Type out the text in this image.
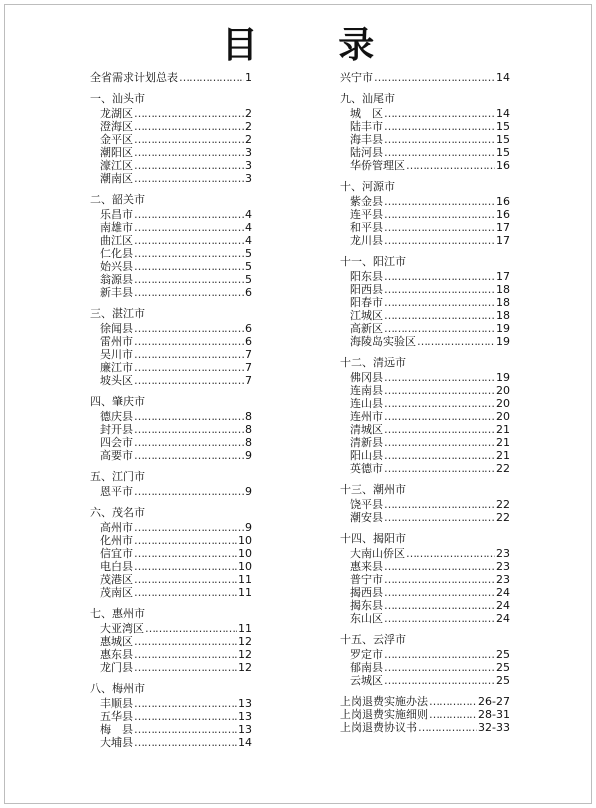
目 录
全省需求计划总表 …………………………………………………………………………………………………………	1
一、汕头市
龙湖区 …………………………………………………………………………………………………………	2
澄海区 …………………………………………………………………………………………………………	2
金平区 …………………………………………………………………………………………………………	2
潮阳区 …………………………………………………………………………………………………………	3
濠江区 …………………………………………………………………………………………………………	3
潮南区 …………………………………………………………………………………………………………	3
二、韶关市
乐昌市 …………………………………………………………………………………………………………	4
南雄市 …………………………………………………………………………………………………………	4
曲江区 …………………………………………………………………………………………………………	4
仁化县 …………………………………………………………………………………………………………	5
始兴县 …………………………………………………………………………………………………………	5
翁源县 …………………………………………………………………………………………………………	5
新丰县 …………………………………………………………………………………………………………	6
三、湛江市
徐闻县 …………………………………………………………………………………………………………	6
雷州市 …………………………………………………………………………………………………………	6
吴川市 …………………………………………………………………………………………………………	7
廉江市 …………………………………………………………………………………………………………	7
坡头区 …………………………………………………………………………………………………………	7
四、肇庆市
德庆县 …………………………………………………………………………………………………………	8
封开县 …………………………………………………………………………………………………………	8
四会市 …………………………………………………………………………………………………………	8
高要市 …………………………………………………………………………………………………………	9
五、江门市
恩平市 …………………………………………………………………………………………………………	9
六、茂名市
高州市 …………………………………………………………………………………………………………	9
化州市 …………………………………………………………………………………………………………	10
信宜市 …………………………………………………………………………………………………………	10
电白县 …………………………………………………………………………………………………………	10
茂港区 …………………………………………………………………………………………………………	11
茂南区 …………………………………………………………………………………………………………	11
七、惠州市
大亚湾区 …………………………………………………………………………………………………………	11
惠城区 …………………………………………………………………………………………………………	12
惠东县 …………………………………………………………………………………………………………	12
龙门县 …………………………………………………………………………………………………………	12
八、梅州市
丰顺县 …………………………………………………………………………………………………………	13
五华县 …………………………………………………………………………………………………………	13
梅　县 …………………………………………………………………………………………………………	13
大埔县 …………………………………………………………………………………………………………	14
兴宁市 …………………………………………………………………………………………………………	14
九、汕尾市
城　区 …………………………………………………………………………………………………………	14
陆丰市 …………………………………………………………………………………………………………	15
海丰县 …………………………………………………………………………………………………………	15
陆河县 …………………………………………………………………………………………………………	15
华侨管理区 …………………………………………………………………………………………………………	16
十、河源市
紫金县 …………………………………………………………………………………………………………	16
连平县 …………………………………………………………………………………………………………	16
和平县 …………………………………………………………………………………………………………	17
龙川县 …………………………………………………………………………………………………………	17
十一、阳江市
阳东县 …………………………………………………………………………………………………………	17
阳西县 …………………………………………………………………………………………………………	18
阳春市 …………………………………………………………………………………………………………	18
江城区 …………………………………………………………………………………………………………	18
高新区 …………………………………………………………………………………………………………	19
海陵岛实验区 …………………………………………………………………………………………………………	19
十二、清远市
佛冈县 …………………………………………………………………………………………………………	19
连南县 …………………………………………………………………………………………………………	20
连山县 …………………………………………………………………………………………………………	20
连州市 …………………………………………………………………………………………………………	20
清城区 …………………………………………………………………………………………………………	21
清新县 …………………………………………………………………………………………………………	21
阳山县 …………………………………………………………………………………………………………	21
英德市 …………………………………………………………………………………………………………	22
十三、潮州市
饶平县 …………………………………………………………………………………………………………	22
潮安县 …………………………………………………………………………………………………………	22
十四、揭阳市
大南山侨区 …………………………………………………………………………………………………………	23
惠来县 …………………………………………………………………………………………………………	23
普宁市 …………………………………………………………………………………………………………	23
揭西县 …………………………………………………………………………………………………………	24
揭东县 …………………………………………………………………………………………………………	24
东山区 …………………………………………………………………………………………………………	24
十五、云浮市
罗定市 …………………………………………………………………………………………………………	25
郁南县 …………………………………………………………………………………………………………	25
云城区 …………………………………………………………………………………………………………	25
上岗退费实施办法 …………………………………………………………………………………………………………	26-27
上岗退费实施细则 …………………………………………………………………………………………………………	28-31
上岗退费协议书 …………………………………………………………………………………………………………	32-33
